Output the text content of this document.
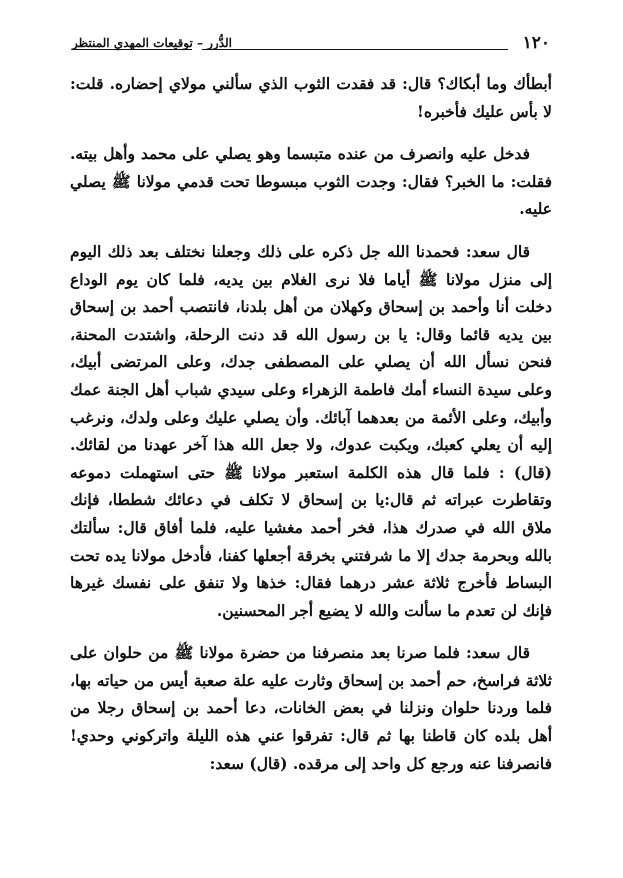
١٢٠
الدُّرر – توقيعات المهدي المنتظر

أبطأك وما أبكاك؟ قال: قد فقدت الثوب الذي سألني مولاي إحضاره. قلت: لا بأس عليك فأخبره!

فدخل عليه وانصرف من عنده متبسما وهو يصلي على محمد وأهل بيته. فقلت: ما الخبر؟ فقال: وجدت الثوب مبسوطا تحت قدمي مولانا ﷺ يصلي عليه.

قال سعد: فحمدنا الله جل ذكره على ذلك وجعلنا نختلف بعد ذلك اليوم إلى منزل مولانا ﷺ أياما فلا نرى الغلام بين يديه، فلما كان يوم الوداع دخلت أنا وأحمد بن إسحاق وكهلان من أهل بلدنا، فانتصب أحمد بن إسحاق بين يديه قائما وقال: يا بن رسول الله قد دنت الرحلة، واشتدت المحنة، فنحن نسأل الله أن يصلي على المصطفى جدك، وعلى المرتضى أبيك، وعلى سيدة النساء أمك فاطمة الزهراء وعلى سيدي شباب أهل الجنة عمك وأبيك، وعلى الأئمة من بعدهما آبائك. وأن يصلي عليك وعلى ولدك، ونرغب إليه أن يعلي كعبك، ويكبت عدوك، ولا جعل الله هذا آخر عهدنا من لقائك. (قال) : فلما قال هذه الكلمة استعبر مولانا ﷺ حتى استهملت دموعه وتقاطرت عبراته ثم قال:يا بن إسحاق لا تكلف في دعائك شططا، فإنك ملاق الله في صدرك هذا، فخر أحمد مغشيا عليه، فلما أفاق قال: سألتك بالله وبحرمة جدك إلا ما شرفتني بخرقة أجعلها كفنا، فأدخل مولانا يده تحت البساط فأخرج ثلاثة عشر درهما فقال: خذها ولا تنفق على نفسك غيرها فإنك لن تعدم ما سألت والله لا يضيع أجر المحسنين.

قال سعد: فلما صرنا بعد منصرفنا من حضرة مولانا ﷺ من حلوان على ثلاثة فراسخ، حم أحمد بن إسحاق وثارت عليه علة صعبة أيس من حياته بها، فلما وردنا حلوان ونزلنا في بعض الخانات، دعا أحمد بن إسحاق رجلا من أهل بلده كان قاطنا بها ثم قال: تفرقوا عني هذه الليلة واتركوني وحدي!فانصرفنا عنه ورجع كل واحد إلى مرقده. (قال) سعد:
